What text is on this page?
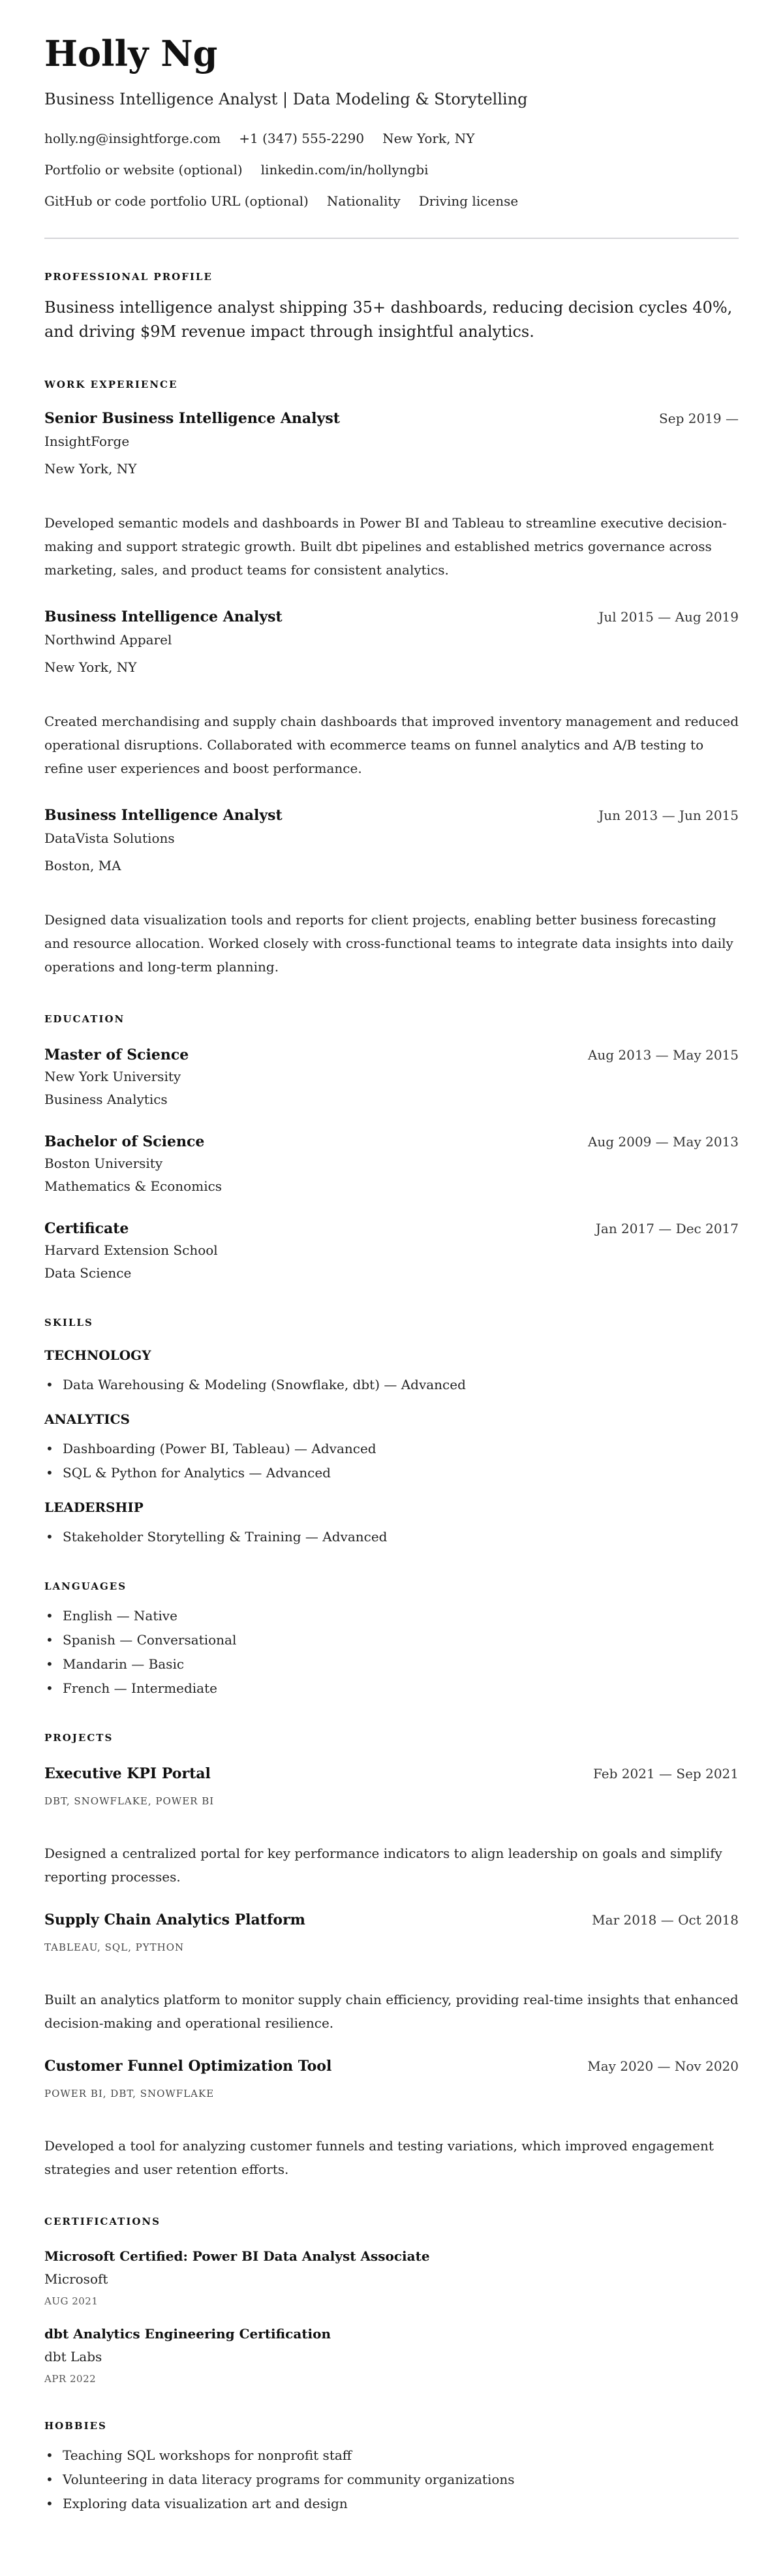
Holly Ng
Business Intelligence Analyst | Data Modeling & Storytelling
holly.ng@insightforge.com +1 (347) 555-2290 New York, NY
Portfolio or website (optional) linkedin.com/in/hollyngbi
GitHub or code portfolio URL (optional) Nationality Driving license
PROFESSIONAL PROFILE

Business intelligence analyst shipping 35+ dashboards, reducing decision cycles 40%, and driving $9M revenue impact through insightful analytics.

WORK EXPERIENCE
Senior Business Intelligence Analyst	Sep 2019 —
InsightForge
New York, NY

Developed semantic models and dashboards in Power BI and Tableau to streamline executive decision-making and support strategic growth. Built dbt pipelines and established metrics governance across marketing, sales, and product teams for consistent analytics.

Business Intelligence Analyst	Jul 2015 — Aug 2019
Northwind Apparel
New York, NY

Created merchandising and supply chain dashboards that improved inventory management and reduced operational disruptions. Collaborated with ecommerce teams on funnel analytics and A/B testing to refine user experiences and boost performance.

Business Intelligence Analyst	Jun 2013 — Jun 2015
DataVista Solutions
Boston, MA

Designed data visualization tools and reports for client projects, enabling better business forecasting and resource allocation. Worked closely with cross-functional teams to integrate data insights into daily operations and long-term planning.

EDUCATION
Master of Science	Aug 2013 — May 2015
New York University
Business Analytics
Bachelor of Science	Aug 2009 — May 2013
Boston University
Mathematics & Economics
Certificate	Jan 2017 — Dec 2017
Harvard Extension School
Data Science
SKILLS
TECHNOLOGY
• Data Warehousing & Modeling (Snowflake, dbt) — Advanced
ANALYTICS
• Dashboarding (Power BI, Tableau) — Advanced
• SQL & Python for Analytics — Advanced
LEADERSHIP
• Stakeholder Storytelling & Training — Advanced
LANGUAGES
• English — Native
• Spanish — Conversational
• Mandarin — Basic
• French — Intermediate
PROJECTS
Executive KPI Portal	Feb 2021 — Sep 2021
DBT, SNOWFLAKE, POWER BI

Designed a centralized portal for key performance indicators to align leadership on goals and simplify reporting processes.

Supply Chain Analytics Platform	Mar 2018 — Oct 2018
TABLEAU, SQL, PYTHON

Built an analytics platform to monitor supply chain efficiency, providing real-time insights that enhanced decision-making and operational resilience.

Customer Funnel Optimization Tool	May 2020 — Nov 2020
POWER BI, DBT, SNOWFLAKE

Developed a tool for analyzing customer funnels and testing variations, which improved engagement strategies and user retention efforts.

CERTIFICATIONS
Microsoft Certified: Power BI Data Analyst Associate
Microsoft
AUG 2021
dbt Analytics Engineering Certification
dbt Labs
APR 2022
HOBBIES
• Teaching SQL workshops for nonprofit staff
• Volunteering in data literacy programs for community organizations
• Exploring data visualization art and design
